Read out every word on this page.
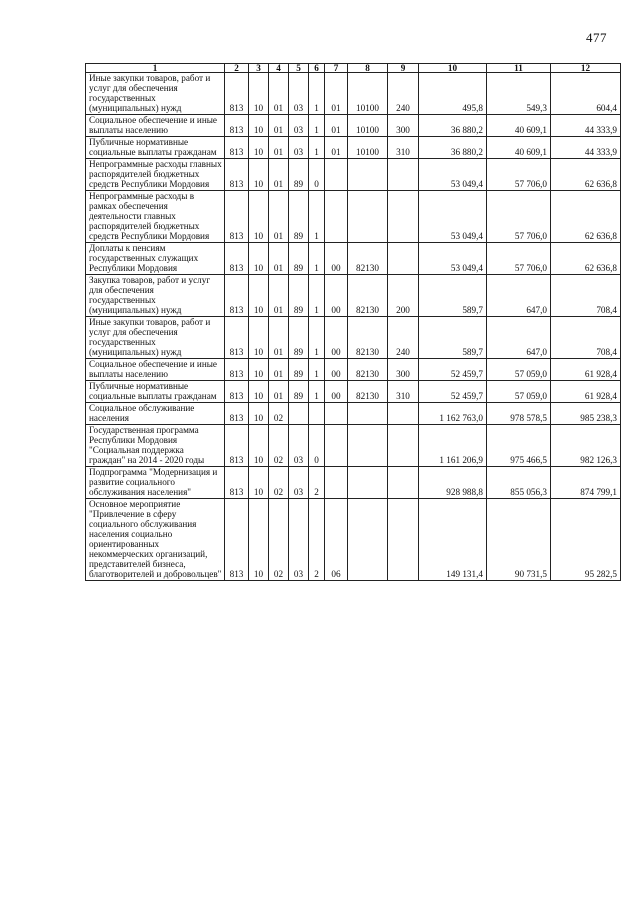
477
1	2	3	4	5	6	7	8	9	10	11	12
Иные закупки товаров, работ и услуг для обеспечения государственных (муниципальных) нужд	813	10	01	03	1	01	10100	240	495,8	549,3	604,4
Социальное обеспечение и иные выплаты населению	813	10	01	03	1	01	10100	300	36 880,2	40 609,1	44 333,9
Публичные нормативные социальные выплаты гражданам	813	10	01	03	1	01	10100	310	36 880,2	40 609,1	44 333,9
Непрограммные расходы главных распорядителей бюджетных средств Республики Мордовия	813	10	01	89	0				53 049,4	57 706,0	62 636,8
Непрограммные расходы в рамках обеспечения деятельности главных распорядителей бюджетных средств Республики Мордовия	813	10	01	89	1				53 049,4	57 706,0	62 636,8
Доплаты к пенсиям государственных служащих Республики Мордовия	813	10	01	89	1	00	82130		53 049,4	57 706,0	62 636,8
Закупка товаров, работ и услуг для обеспечения государственных (муниципальных) нужд	813	10	01	89	1	00	82130	200	589,7	647,0	708,4
Иные закупки товаров, работ и услуг для обеспечения государственных (муниципальных) нужд	813	10	01	89	1	00	82130	240	589,7	647,0	708,4
Социальное обеспечение и иные выплаты населению	813	10	01	89	1	00	82130	300	52 459,7	57 059,0	61 928,4
Публичные нормативные социальные выплаты гражданам	813	10	01	89	1	00	82130	310	52 459,7	57 059,0	61 928,4
Социальное обслуживание населения	813	10	02						1 162 763,0	978 578,5	985 238,3
Государственная программа Республики Мордовия "Социальная поддержка граждан" на 2014 - 2020 годы	813	10	02	03	0				1 161 206,9	975 466,5	982 126,3
Подпрограмма "Модернизация и развитие социального обслуживания населения"	813	10	02	03	2				928 988,8	855 056,3	874 799,1
Основное мероприятие "Привлечение в сферу социального обслуживания населения социально ориентированных некоммерческих организаций, представителей бизнеса, благотворителей и добровольцев"	813	10	02	03	2	06			149 131,4	90 731,5	95 282,5
